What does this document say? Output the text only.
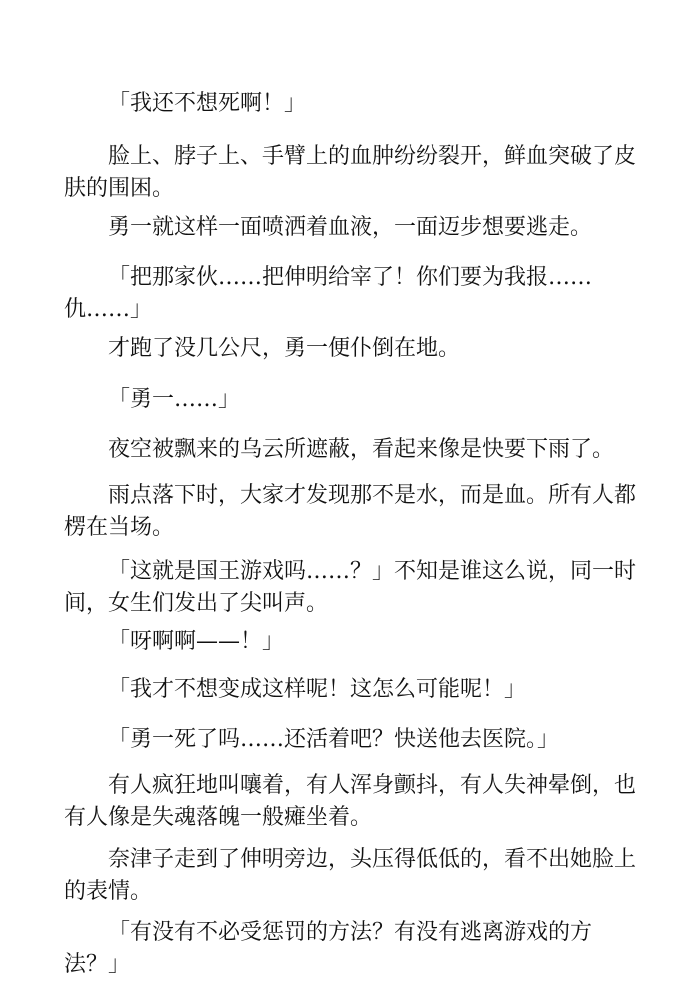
「我还不想死啊！」

脸上、脖子上、手臂上的血肿纷纷裂开，鲜血突破了皮肤的围困。

勇一就这样一面喷洒着血液，一面迈步想要逃走。

「把那家伙……把伸明给宰了！你们要为我报……仇……」

才跑了没几公尺，勇一便仆倒在地。

「勇一……」

夜空被飘来的乌云所遮蔽，看起来像是快要下雨了。

雨点落下时，大家才发现那不是水，而是血。所有人都楞在当场。

「这就是国王游戏吗……？」不知是谁这么说，同一时间，女生们发出了尖叫声。

「呀啊啊——！」

「我才不想变成这样呢！这怎么可能呢！」

「勇一死了吗……还活着吧？快送他去医院。」

有人疯狂地叫嚷着，有人浑身颤抖，有人失神晕倒，也有人像是失魂落魄一般瘫坐着。

奈津子走到了伸明旁边，头压得低低的，看不出她脸上的表情。

「有没有不必受惩罚的方法？有没有逃离游戏的方法？」
